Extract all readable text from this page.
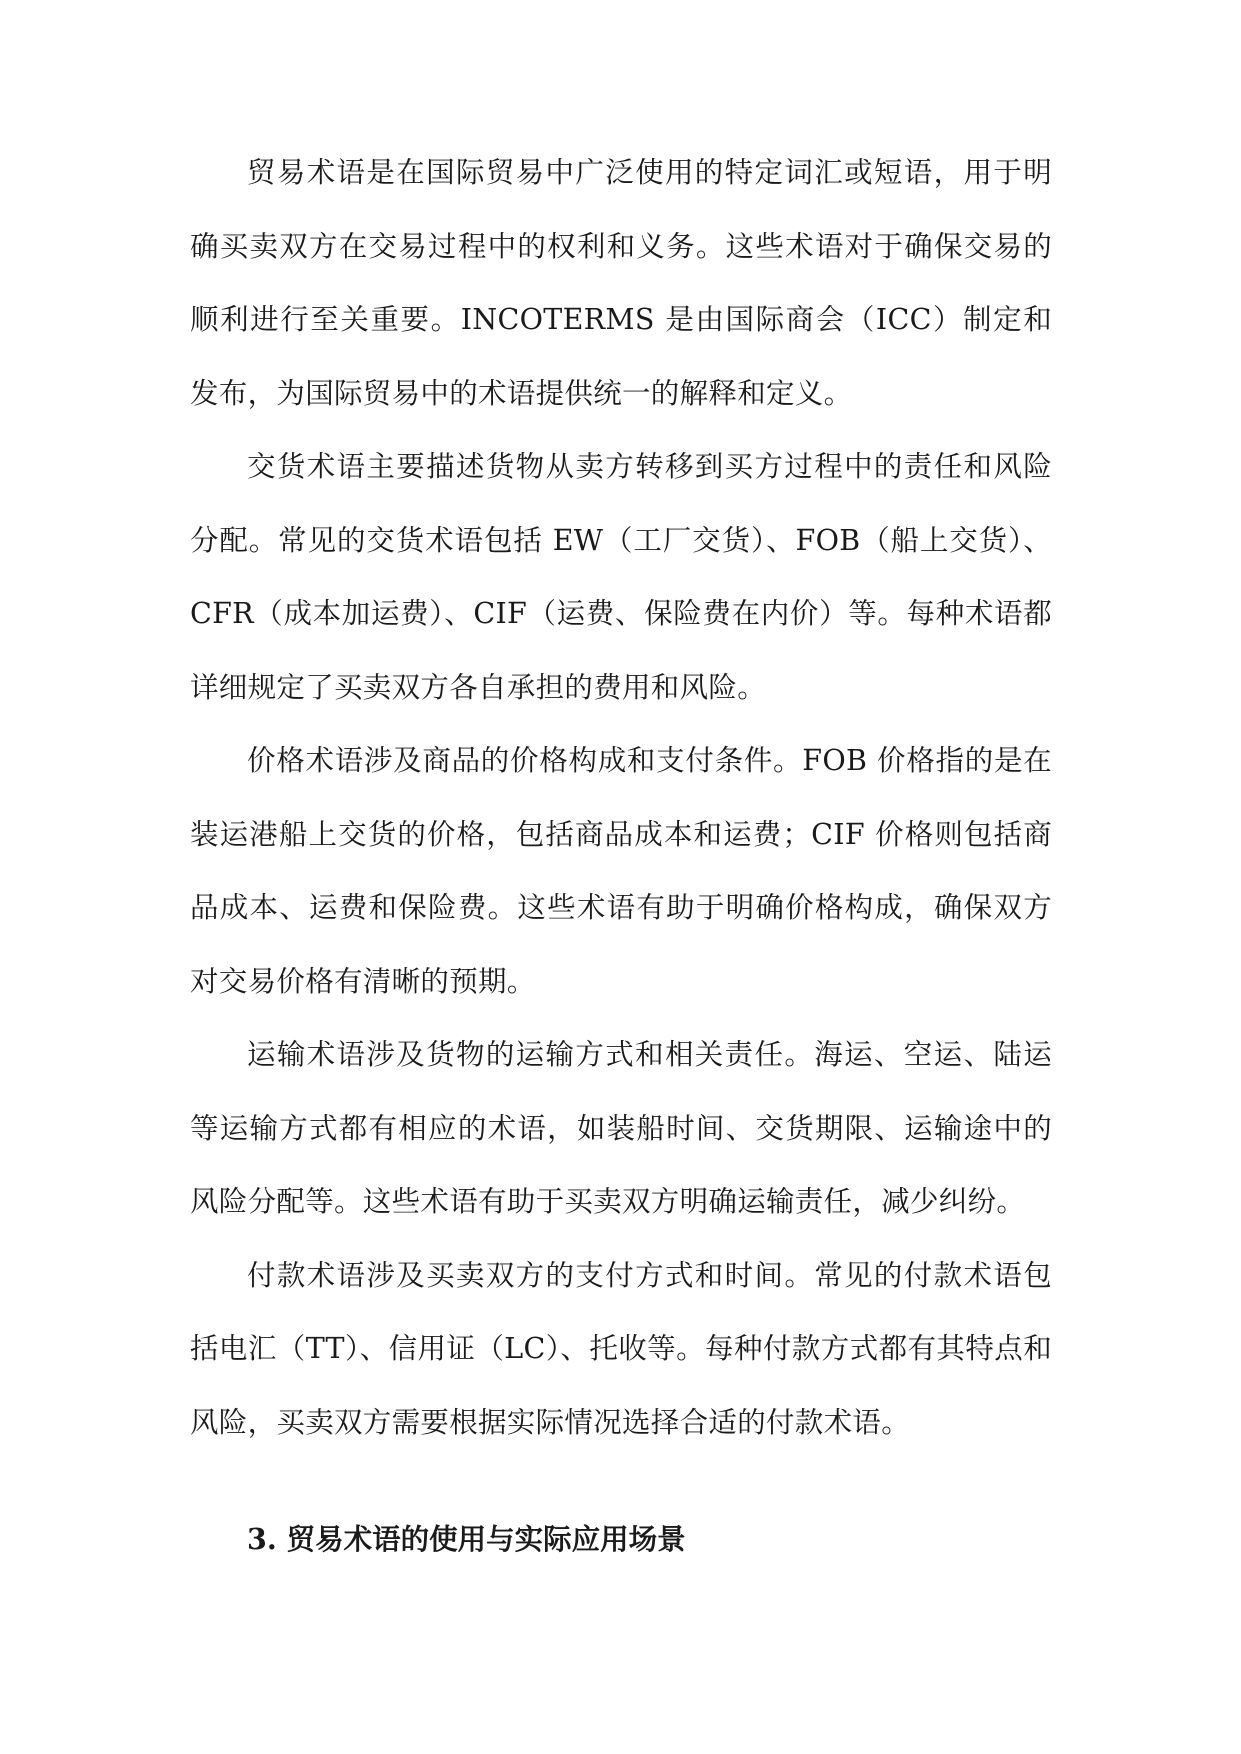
贸易术语是在国际贸易中广泛使用的特定词汇或短语，用于明确买卖双方在交易过程中的权利和义务。这些术语对于确保交易的顺利进行至关重要。INCOTERMS 是由国际商会（ICC）制定和发布，为国际贸易中的术语提供统一的解释和定义。

交货术语主要描述货物从卖方转移到买方过程中的责任和风险分配。常见的交货术语包括 EW（工厂交货）、FOB（船上交货）、CFR（成本加运费）、CIF（运费、保险费在内价）等。每种术语都详细规定了买卖双方各自承担的费用和风险。

价格术语涉及商品的价格构成和支付条件。FOB 价格指的是在装运港船上交货的价格，包括商品成本和运费；CIF 价格则包括商品成本、运费和保险费。这些术语有助于明确价格构成，确保双方对交易价格有清晰的预期。

运输术语涉及货物的运输方式和相关责任。海运、空运、陆运等运输方式都有相应的术语，如装船时间、交货期限、运输途中的风险分配等。这些术语有助于买卖双方明确运输责任，减少纠纷。

付款术语涉及买卖双方的支付方式和时间。常见的付款术语包括电汇（TT）、信用证（LC）、托收等。每种付款方式都有其特点和风险，买卖双方需要根据实际情况选择合适的付款术语。

3. 贸易术语的使用与实际应用场景
